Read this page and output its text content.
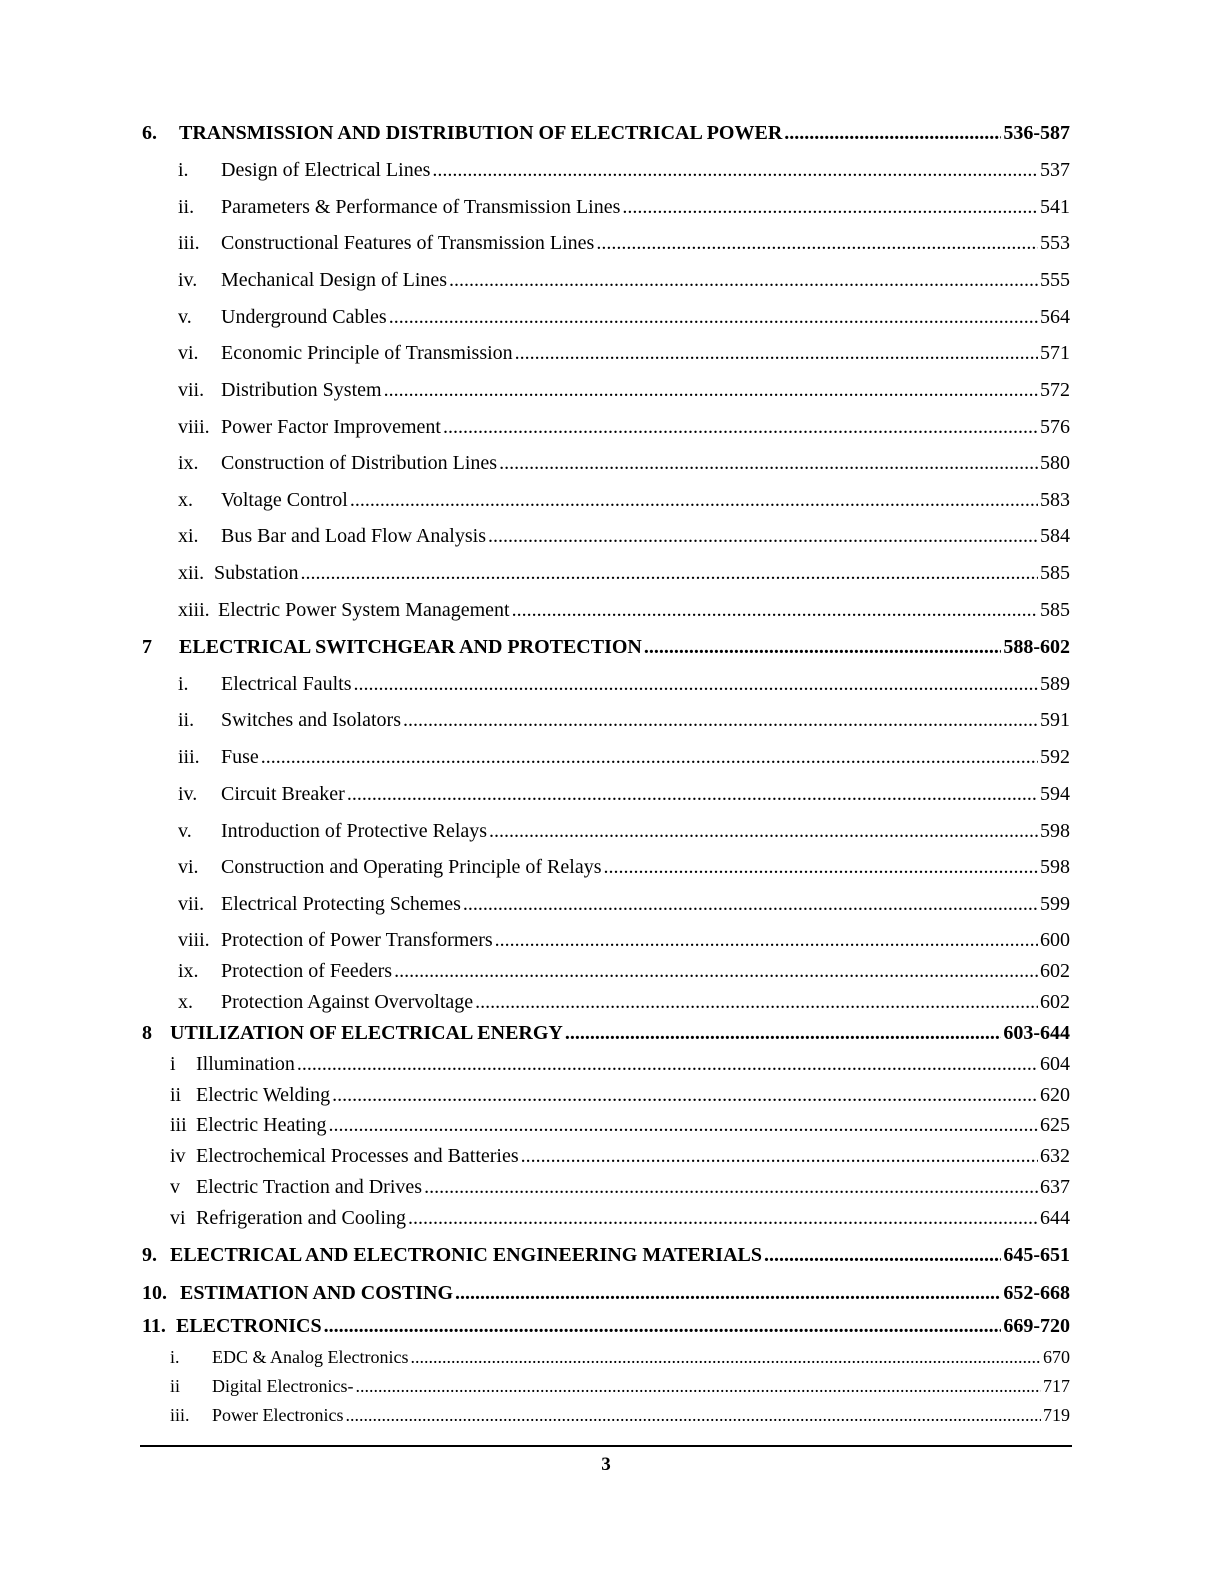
6. TRANSMISSION AND DISTRIBUTION OF ELECTRICAL POWER .....	536-587
i. Design of Electrical Lines .....	537
ii. Parameters & Performance of Transmission Lines .....	541
iii. Constructional Features of Transmission Lines .....	553
iv. Mechanical Design of Lines .....	555
v. Underground Cables .....	564
vi. Economic Principle of Transmission .....	571
vii. Distribution System .....	572
viii. Power Factor Improvement .....	576
ix. Construction of Distribution Lines .....	580
x. Voltage Control .....	583
xi. Bus Bar and Load Flow Analysis .....	584
xii. Substation .....	585
xiii. Electric Power System Management .....	585
7 ELECTRICAL SWITCHGEAR AND PROTECTION .....	588-602
i. Electrical Faults .....	589
ii. Switches and Isolators .....	591
iii. Fuse .....	592
iv. Circuit Breaker .....	594
v. Introduction of Protective Relays .....	598
vi. Construction and Operating Principle of Relays .....	598
vii. Electrical Protecting Schemes .....	599
viii. Protection of Power Transformers .....	600
ix. Protection of Feeders .....	602
x. Protection Against Overvoltage .....	602
8 UTILIZATION OF ELECTRICAL ENERGY .....	603-644
i Illumination .....	604
ii Electric Welding .....	620
iii Electric Heating .....	625
iv Electrochemical Processes and Batteries .....	632
v Electric Traction and Drives .....	637
vi Refrigeration and Cooling .....	644
9. ELECTRICAL AND ELECTRONIC ENGINEERING MATERIALS .....	645-651
10. ESTIMATION AND COSTING .....	652-668
11. ELECTRONICS .....	669-720
i. EDC & Analog Electronics .....	670
ii Digital Electronics- .....	717
iii. Power Electronics .....	719
3
